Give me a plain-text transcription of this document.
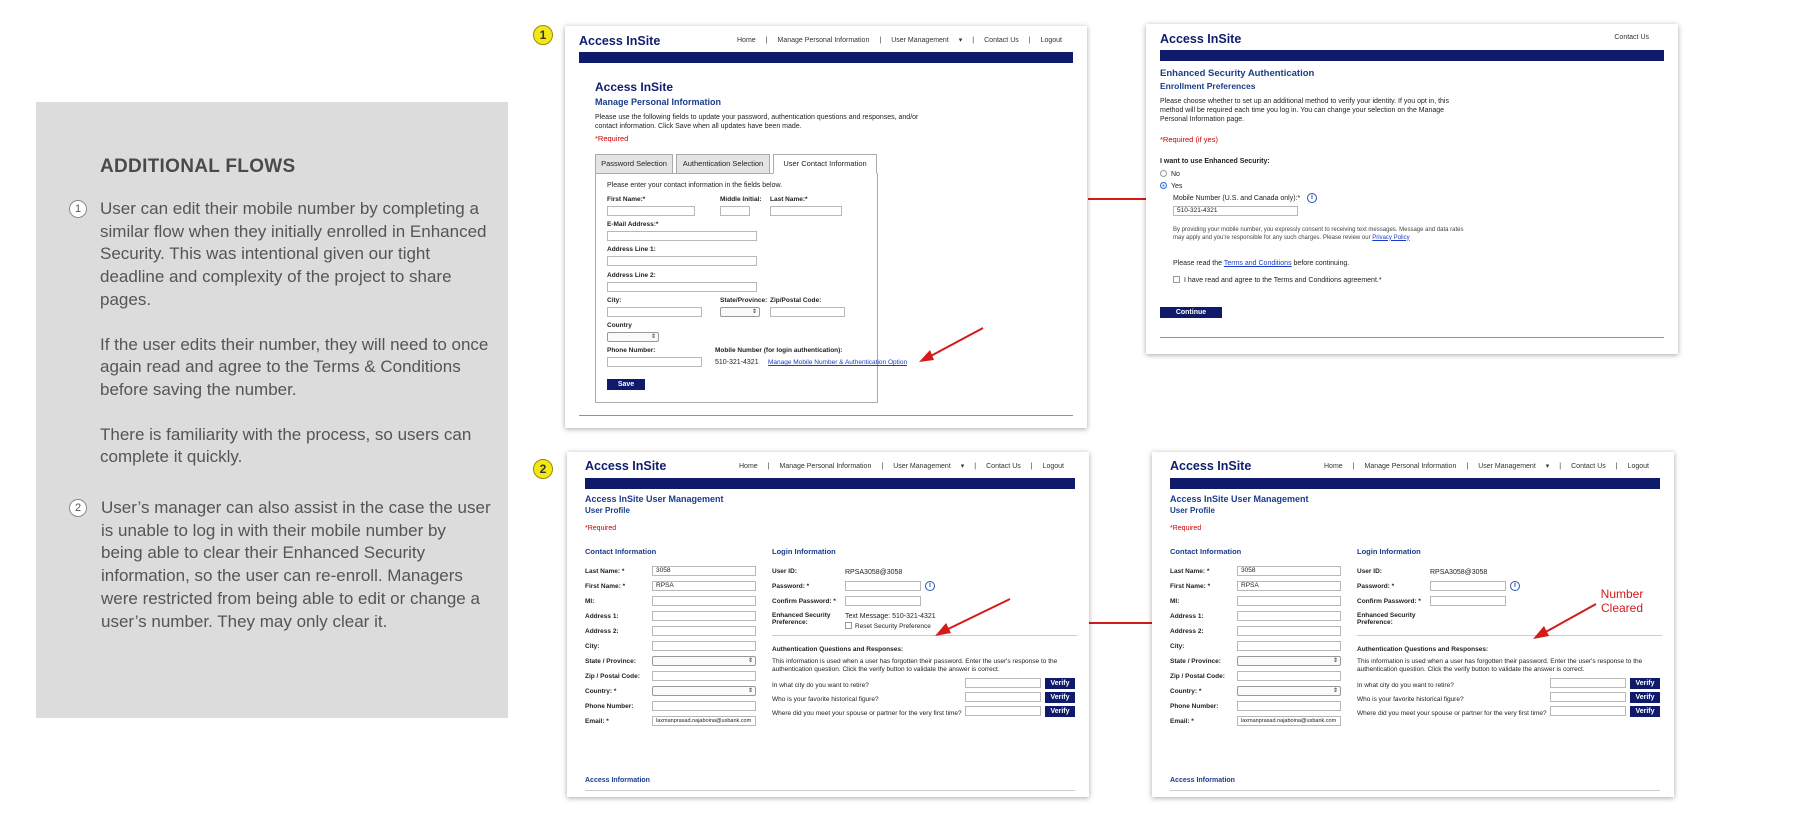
ADDITIONAL FLOWS
1	User can edit their mobile number by completing a similar flow when they initially enrolled in Enhanced Security. This was intentional given our tight deadline and complexity of the project to share pages.

If the user edits their number, they will need to once again read and agree to the Terms & Conditions before saving the number.

There is familiarity with the process, so users can complete it quickly.

2	User’s manager can also assist in the case the user is unable to log in with their mobile number by being able to clear their Enhanced Security information, so the user can re-enroll. Managers were restricted from being able to edit or change a user’s number. They may only clear it.

1
2
Access InSite	Home | Manage Personal Information | User Management ▾ | Contact Us | Logout
Access InSite
Manage Personal Information
Please use the following fields to update your password, authentication questions and responses, and/or contact information. Click Save when all updates have been made.
*Required
Password Selection	Authentication Selection	User Contact Information
Please enter your contact information in the fields below.
First Name:*	Middle Initial: Last Name:*
E-Mail Address:*
Address Line 1:
Address Line 2:
City:	State/Province: Zip/Postal Code:
⇕
Country
⇕
Phone Number:	Mobile Number (for login authentication):
510-321-4321 Manage Mobile Number & Authentication Option
Save
Access InSite	Contact Us
Enhanced Security Authentication
Enrollment Preferences
Please choose whether to set up an additional method to verify your identity. If you opt in, this method will be required each time you log in. You can change your selection on the Manage Personal Information page.
*Required (if yes)
I want to use Enhanced Security:
No
Yes
Mobile Number (U.S. and Canada only):*	i
510-321-4321
By providing your mobile number, you expressly consent to receiving text messages. Message and data rates may apply and you're responsible for any such charges. Please review our Privacy Policy
Please read the Terms and Conditions before continuing.
I have read and agree to the Terms and Conditions agreement.*
Continue
Access InSite	Home | Manage Personal Information | User Management ▾ | Contact Us | Logout
Access InSite User Management
User Profile
*Required
Contact Information	Login Information
Last Name: *	3058
First Name: *	RPSA
MI:
Address 1:
Address 2:
City:
State / Province:	⇕
Zip / Postal Code:
Country: *	⇕
Phone Number:
Email: *	laxmanprasad.najaboina@usbank.com
User ID:	RPSA3058@3058
Password: *	i
Confirm Password: *
Enhanced Security Preference:
Text Message: 510-321-4321
Reset Security Preference
Authentication Questions and Responses:
This information is used when a user has forgotten their password. Enter the user's response to the authentication question. Click the verify button to validate the answer is correct.
In what city do you want to retire?	Verify
Who is your favorite historical figure?	Verify
Where did you meet your spouse or partner for the very first time?	Verify
Access Information
Access InSite	Home | Manage Personal Information | User Management ▾ | Contact Us | Logout
Access InSite User Management
User Profile
*Required
Contact Information	Login Information
Last Name: *	3058
First Name: *	RPSA
MI:
Address 1:
Address 2:
City:
State / Province:	⇕
Zip / Postal Code:
Country: *	⇕
Phone Number:
Email: *	laxmanprasad.najaboina@usbank.com
User ID:	RPSA3058@3058
Password: *	i
Confirm Password: *
Enhanced Security Preference:
Authentication Questions and Responses:
This information is used when a user has forgotten their password. Enter the user's response to the authentication question. Click the verify button to validate the answer is correct.
In what city do you want to retire?	Verify
Who is your favorite historical figure?	Verify
Where did you meet your spouse or partner for the very first time?	Verify
Access Information
Number Cleared
